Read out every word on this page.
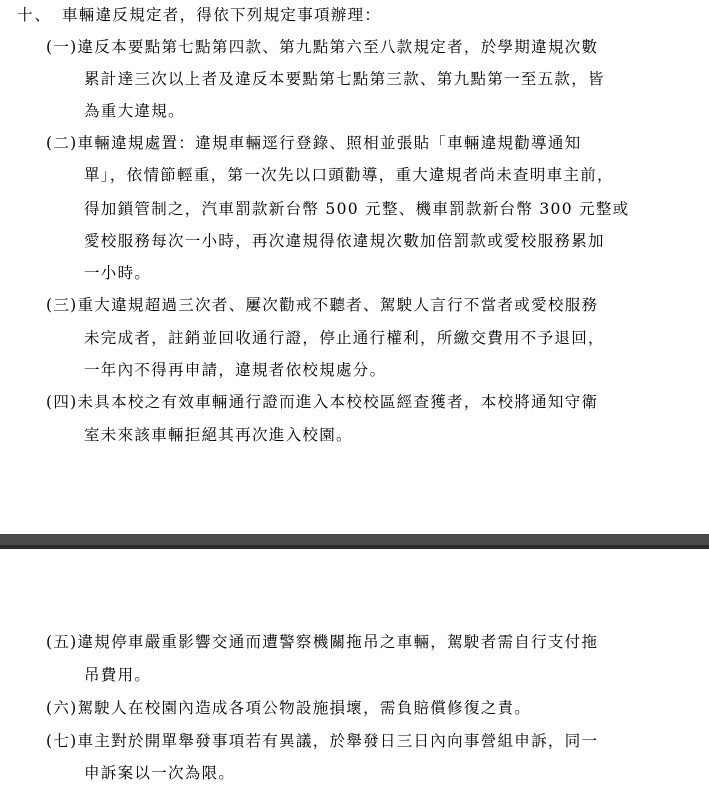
十、 車輛違反規定者，得依下列規定事項辦理：
(一)違反本要點第七點第四款、第九點第六至八款規定者，於學期違規次數
累計達三次以上者及違反本要點第七點第三款、第九點第一至五款，皆
為重大違規。
(二)車輛違規處置：違規車輛逕行登錄、照相並張貼「車輛違規勸導通知
單」，依情節輕重，第一次先以口頭勸導，重大違規者尚未查明車主前，
得加鎖管制之，汽車罰款新台幣 500 元整、機車罰款新台幣 300 元整或
愛校服務每次一小時，再次違規得依違規次數加倍罰款或愛校服務累加
一小時。
(三)重大違規超過三次者、屢次勸戒不聽者、駕駛人言行不當者或愛校服務
未完成者，註銷並回收通行證，停止通行權利，所繳交費用不予退回，
一年內不得再申請，違規者依校規處分。
(四)未具本校之有效車輛通行證而進入本校校區經查獲者，本校將通知守衛
室未來該車輛拒絕其再次進入校園。
(五)違規停車嚴重影響交通而遭警察機關拖吊之車輛，駕駛者需自行支付拖
吊費用。
(六)駕駛人在校園內造成各項公物設施損壞，需負賠償修復之責。
(七)車主對於開單舉發事項若有異議，於舉發日三日內向事營組申訴，同一
申訴案以一次為限。
